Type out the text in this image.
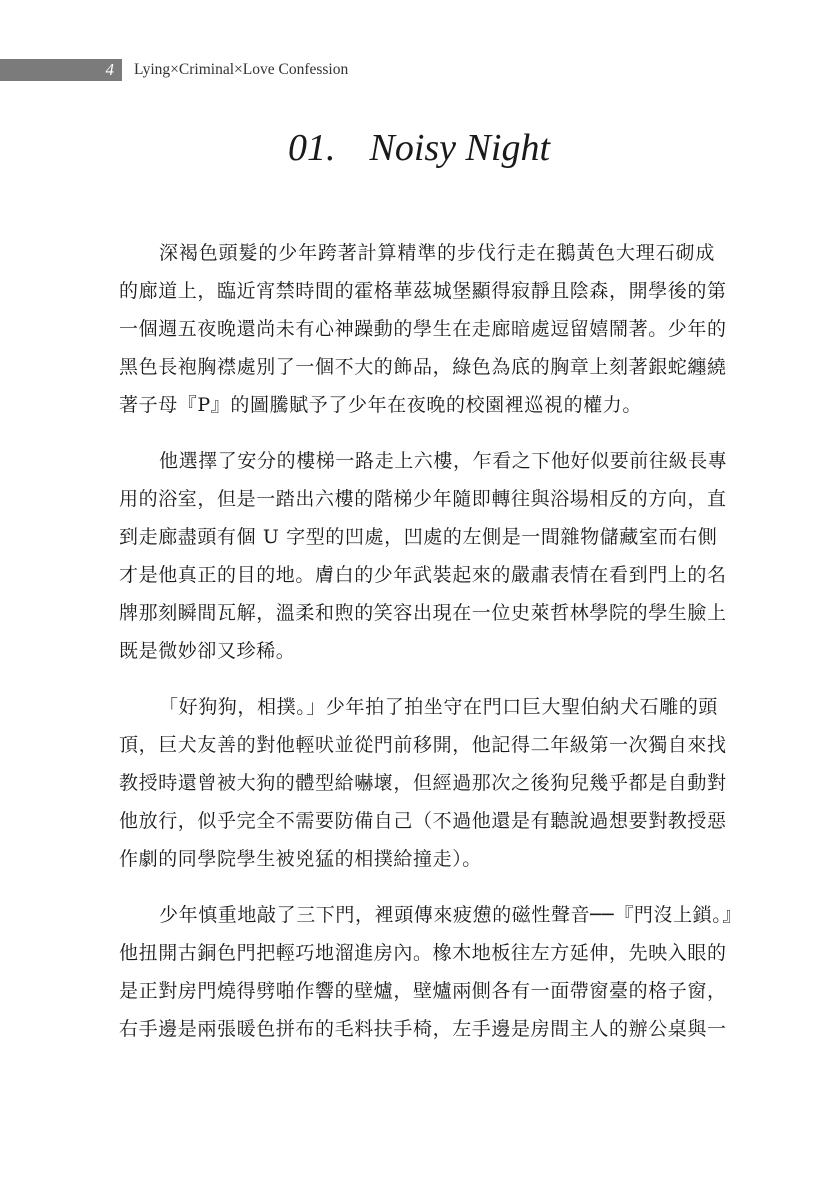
4 Lying×Criminal×Love Confession
01. Noisy Night
深褐色頭髮的少年跨著計算精準的步伐行走在鵝黃色大理石砌成
的廊道上，臨近宵禁時間的霍格華茲城堡顯得寂靜且陰森，開學後的第
一個週五夜晚還尚未有心神躁動的學生在走廊暗處逗留嬉鬧著。少年的
黑色長袍胸襟處別了一個不大的飾品，綠色為底的胸章上刻著銀蛇纏繞
著子母『P』的圖騰賦予了少年在夜晚的校園裡巡視的權力。
他選擇了安分的樓梯一路走上六樓，乍看之下他好似要前往級長專
用的浴室，但是一踏出六樓的階梯少年隨即轉往與浴場相反的方向，直
到走廊盡頭有個 U 字型的凹處，凹處的左側是一間雜物儲藏室而右側
才是他真正的目的地。膚白的少年武裝起來的嚴肅表情在看到門上的名
牌那刻瞬間瓦解，溫柔和煦的笑容出現在一位史萊哲林學院的學生臉上
既是微妙卻又珍稀。
「好狗狗，相撲。」少年拍了拍坐守在門口巨大聖伯納犬石雕的頭
頂，巨犬友善的對他輕吠並從門前移開，他記得二年級第一次獨自來找
教授時還曾被大狗的體型給嚇壞，但經過那次之後狗兒幾乎都是自動對
他放行，似乎完全不需要防備自己（不過他還是有聽說過想要對教授惡
作劇的同學院學生被兇猛的相撲給撞走）。
少年慎重地敲了三下門，裡頭傳來疲憊的磁性聲音──『門沒上鎖。』
他扭開古銅色門把輕巧地溜進房內。橡木地板往左方延伸，先映入眼的
是正對房門燒得劈啪作響的壁爐，壁爐兩側各有一面帶窗臺的格子窗，
右手邊是兩張暖色拼布的毛料扶手椅，左手邊是房間主人的辦公桌與一
